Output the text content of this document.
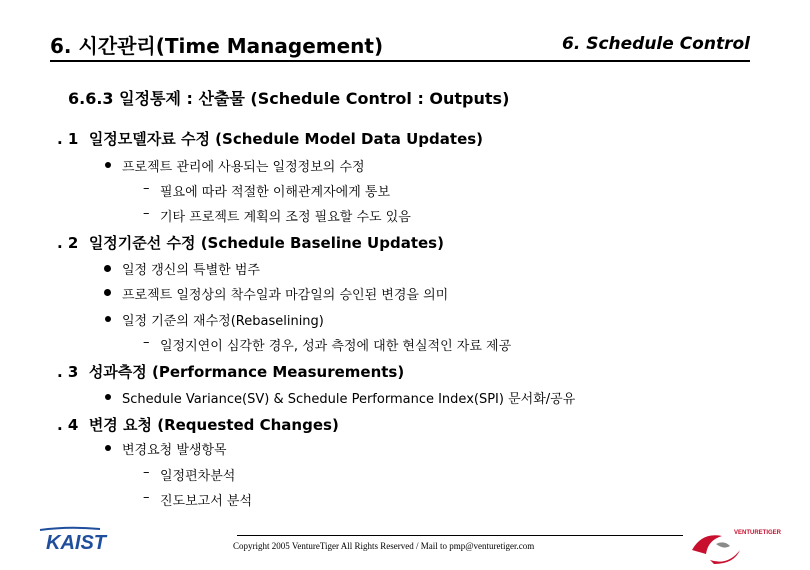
6. 시간관리(Time Management)	6. Schedule Control
6.6.3 일정통제 : 산출물 (Schedule Control : Outputs)
. 1 일정모델자료 수정 (Schedule Model Data Updates)
프로젝트 관리에 사용되는 일정정보의 수정
– 필요에 따라 적절한 이해관계자에게 통보
– 기타 프로젝트 계획의 조정 필요할 수도 있음
. 2 일정기준선 수정 (Schedule Baseline Updates)
일정 갱신의 특별한 범주
프로젝트 일정상의 착수일과 마감일의 승인된 변경을 의미
일정 기준의 재수정(Rebaselining)
– 일정지연이 심각한 경우, 성과 측정에 대한 현실적인 자료 제공
. 3 성과측정 (Performance Measurements)
Schedule Variance(SV) & Schedule Performance Index(SPI) 문서화/공유
. 4 변경 요청 (Requested Changes)
변경요청 발생항목
– 일정편차분석
– 진도보고서 분석
KAIST	Copyright 2005 VentureTiger All Rights Reserved / Mail to pmp@venturetiger.com
VENTURETIGER
